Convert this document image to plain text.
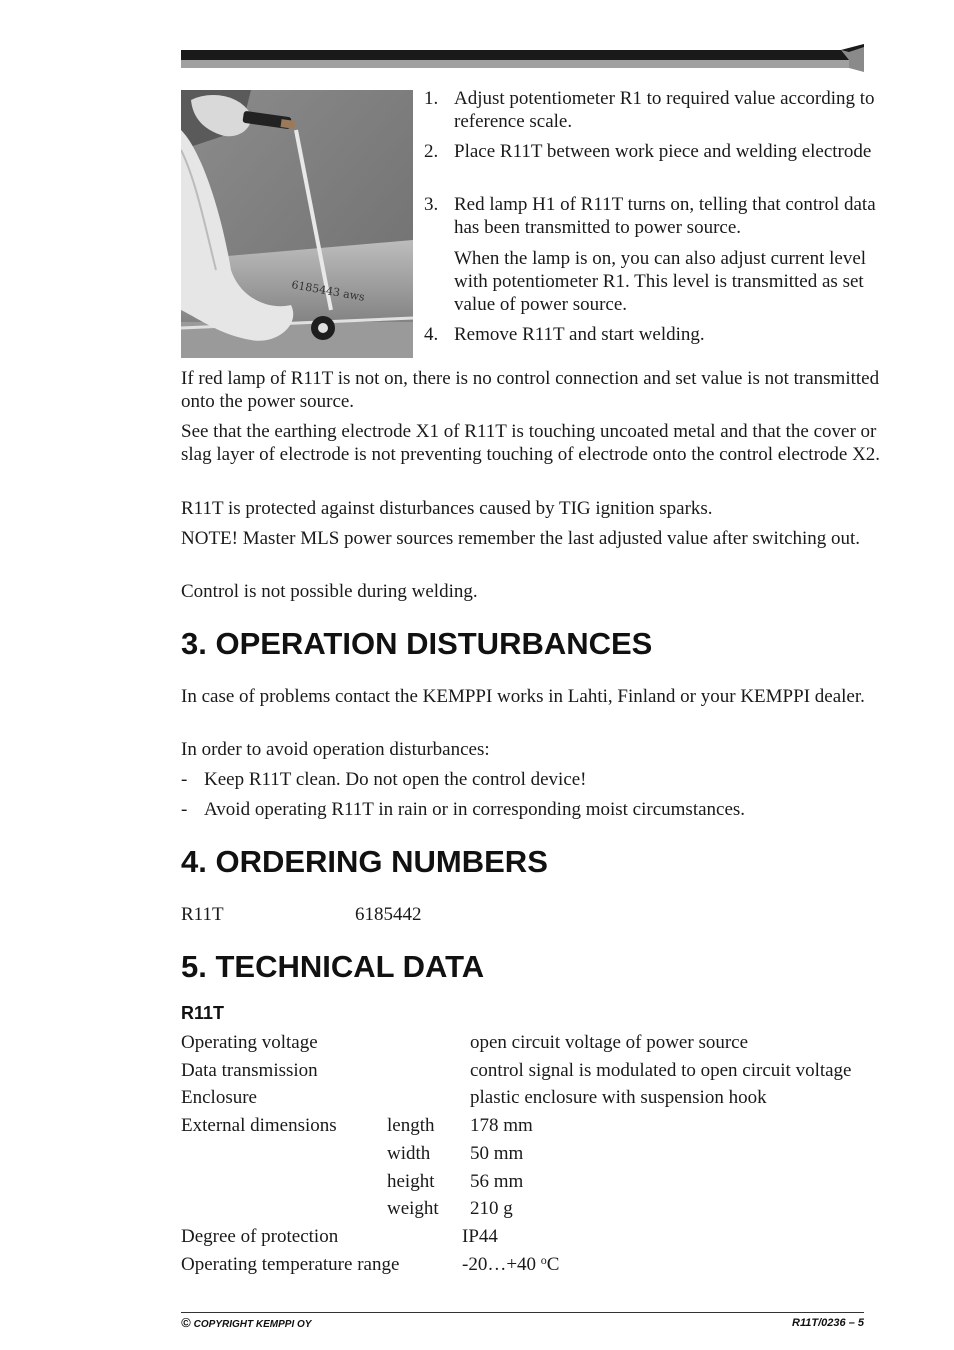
6185443 aws
1. Adjust potentiometer R1 to required value according to reference scale.
2. Place R11T between work piece and welding electrode
3. Red lamp H1 of R11T turns on, telling that control data has been transmitted to power source.
When the lamp is on, you can also adjust current level with potentiometer R1. This level is transmitted as set value of power source.
4. Remove R11T and start welding.
If red lamp of R11T is not on, there is no control connection and set value is not transmitted onto the power source.
See that the earthing electrode X1 of R11T is touching uncoated metal and that the cover or slag layer of electrode is not preventing touching of electrode onto the control electrode X2.
R11T is protected against disturbances caused by TIG ignition sparks.
NOTE! Master MLS power sources remember the last adjusted value after switching out.
Control is not possible during welding.
3. OPERATION DISTURBANCES
In case of problems contact the KEMPPI works in Lahti, Finland or your KEMPPI dealer.
In order to avoid operation disturbances:
- Keep R11T clean. Do not open the control device!
- Avoid operating R11T in rain or in corresponding moist circumstances.
4. ORDERING NUMBERS
R11T	6185442
5. TECHNICAL DATA
R11T
Operating voltage	open circuit voltage of power source
Data transmission	control signal is modulated to open circuit voltage
Enclosure	plastic enclosure with suspension hook
External dimensions	length 178 mm
width 50 mm
height 56 mm
weight 210 g
Degree of protection	IP44
Operating temperature range	-20…+40 $^o$C
© COPYRIGHT KEMPPI OY	R11T/0236 – 5
